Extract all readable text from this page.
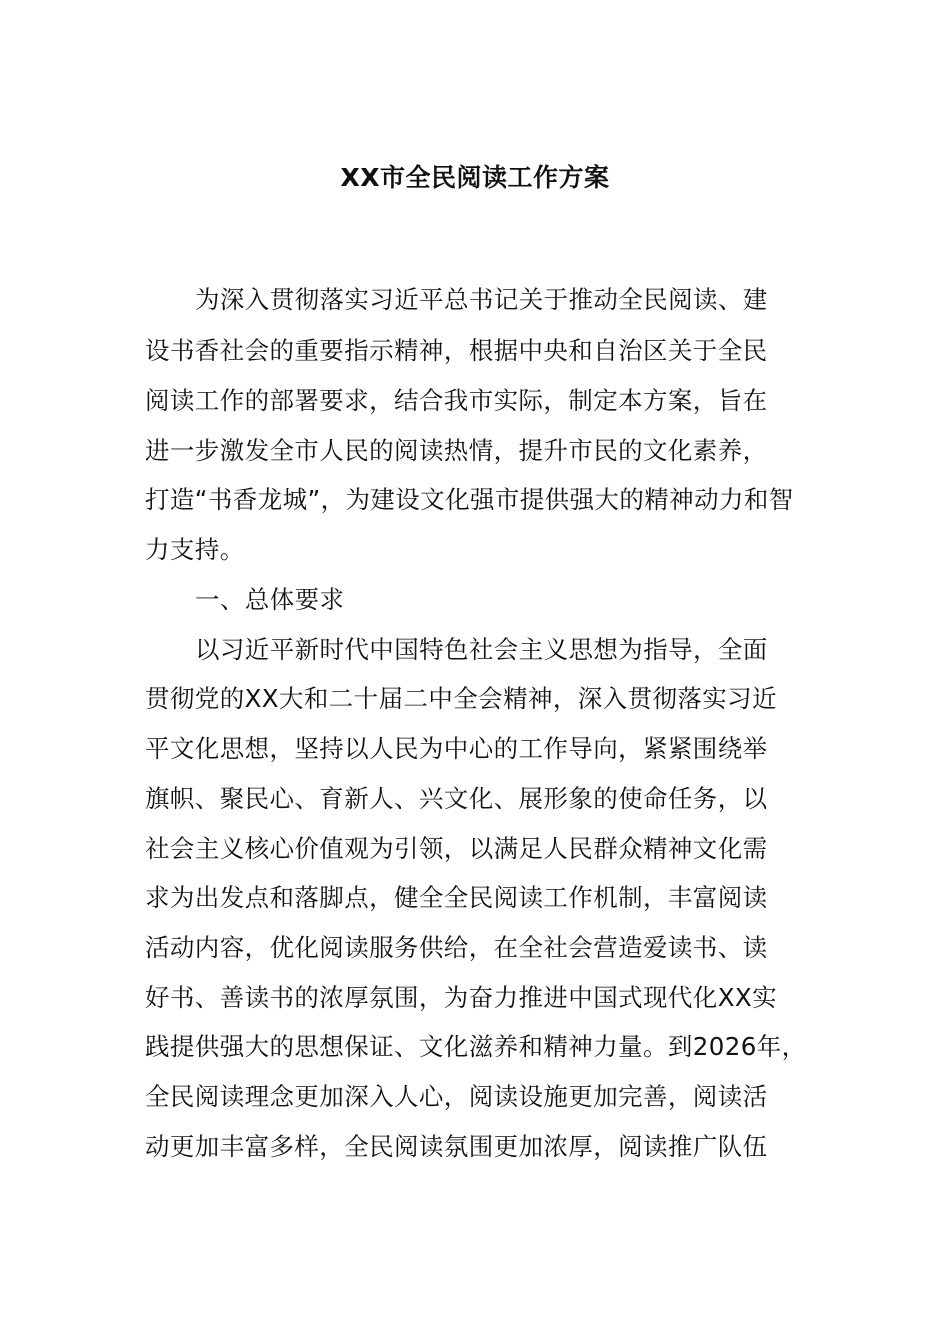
XX市全民阅读工作方案
为深入贯彻落实习近平总书记关于推动全民阅读、建
设书香社会的重要指示精神，根据中央和自治区关于全民
阅读工作的部署要求，结合我市实际，制定本方案，旨在
进一步激发全市人民的阅读热情，提升市民的文化素养，
打造“书香龙城”，为建设文化强市提供强大的精神动力和智
力支持。
一、总体要求
以习近平新时代中国特色社会主义思想为指导，全面
贯彻党的XX大和二十届二中全会精神，深入贯彻落实习近
平文化思想，坚持以人民为中心的工作导向，紧紧围绕举
旗帜、聚民心、育新人、兴文化、展形象的使命任务，以
社会主义核心价值观为引领，以满足人民群众精神文化需
求为出发点和落脚点，健全全民阅读工作机制，丰富阅读
活动内容，优化阅读服务供给，在全社会营造爱读书、读
好书、善读书的浓厚氛围，为奋力推进中国式现代化XX实
践提供强大的思想保证、文化滋养和精神力量。到2026年，
全民阅读理念更加深入人心，阅读设施更加完善，阅读活
动更加丰富多样，全民阅读氛围更加浓厚，阅读推广队伍
